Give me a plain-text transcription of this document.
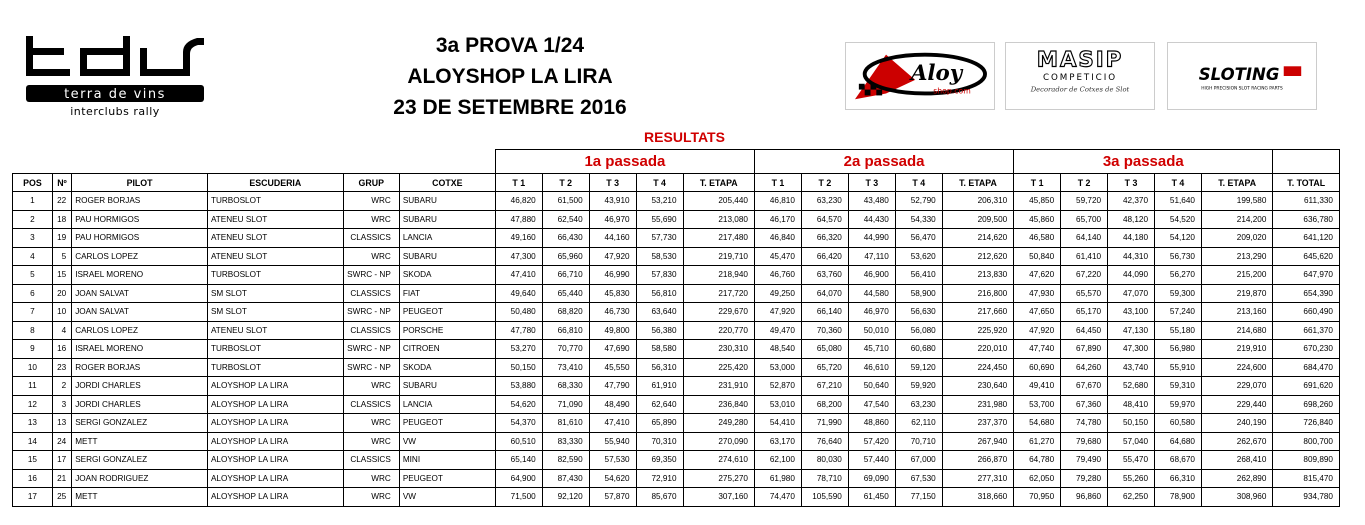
terra de vins
interclubs rally
3a PROVA 1/24
ALOYSHOP LA LIRA
23 DE SETEMBRE 2016
Aloy
shop.com
MASIP
COMPETICIO
Decorador de Cotxes de Slot
SLOTING
HIGH PRECISION SLOT RACING PARTS
RESULTATS
						1a passada					2a passada					3a passada					
POS	Nº	PILOT	ESCUDERIA	GRUP	COTXE	T 1	T 2	T 3	T 4	T. ETAPA	T 1	T 2	T 3	T 4	T. ETAPA	T 1	T 2	T 3	T 4	T. ETAPA	T. TOTAL
1	22	ROGER BORJAS	TURBOSLOT	WRC	SUBARU	46,820	61,500	43,910	53,210	205,440	46,810	63,230	43,480	52,790	206,310	45,850	59,720	42,370	51,640	199,580	611,330
2	18	PAU HORMIGOS	ATENEU SLOT	WRC	SUBARU	47,880	62,540	46,970	55,690	213,080	46,170	64,570	44,430	54,330	209,500	45,860	65,700	48,120	54,520	214,200	636,780
3	19	PAU HORMIGOS	ATENEU SLOT	CLASSICS	LANCIA	49,160	66,430	44,160	57,730	217,480	46,840	66,320	44,990	56,470	214,620	46,580	64,140	44,180	54,120	209,020	641,120
4	5	CARLOS LOPEZ	ATENEU SLOT	WRC	SUBARU	47,300	65,960	47,920	58,530	219,710	45,470	66,420	47,110	53,620	212,620	50,840	61,410	44,310	56,730	213,290	645,620
5	15	ISRAEL MORENO	TURBOSLOT	SWRC - NP	SKODA	47,410	66,710	46,990	57,830	218,940	46,760	63,760	46,900	56,410	213,830	47,620	67,220	44,090	56,270	215,200	647,970
6	20	JOAN SALVAT	SM SLOT	CLASSICS	FIAT	49,640	65,440	45,830	56,810	217,720	49,250	64,070	44,580	58,900	216,800	47,930	65,570	47,070	59,300	219,870	654,390
7	10	JOAN SALVAT	SM SLOT	SWRC - NP	PEUGEOT	50,480	68,820	46,730	63,640	229,670	47,920	66,140	46,970	56,630	217,660	47,650	65,170	43,100	57,240	213,160	660,490
8	4	CARLOS LOPEZ	ATENEU SLOT	CLASSICS	PORSCHE	47,780	66,810	49,800	56,380	220,770	49,470	70,360	50,010	56,080	225,920	47,920	64,450	47,130	55,180	214,680	661,370
9	16	ISRAEL MORENO	TURBOSLOT	SWRC - NP	CITROEN	53,270	70,770	47,690	58,580	230,310	48,540	65,080	45,710	60,680	220,010	47,740	67,890	47,300	56,980	219,910	670,230
10	23	ROGER BORJAS	TURBOSLOT	SWRC - NP	SKODA	50,150	73,410	45,550	56,310	225,420	53,000	65,720	46,610	59,120	224,450	60,690	64,260	43,740	55,910	224,600	684,470
11	2	JORDI CHARLES	ALOYSHOP LA LIRA	WRC	SUBARU	53,880	68,330	47,790	61,910	231,910	52,870	67,210	50,640	59,920	230,640	49,410	67,670	52,680	59,310	229,070	691,620
12	3	JORDI CHARLES	ALOYSHOP LA LIRA	CLASSICS	LANCIA	54,620	71,090	48,490	62,640	236,840	53,010	68,200	47,540	63,230	231,980	53,700	67,360	48,410	59,970	229,440	698,260
13	13	SERGI GONZALEZ	ALOYSHOP LA LIRA	WRC	PEUGEOT	54,370	81,610	47,410	65,890	249,280	54,410	71,990	48,860	62,110	237,370	54,680	74,780	50,150	60,580	240,190	726,840
14	24	METT	ALOYSHOP LA LIRA	WRC	VW	60,510	83,330	55,940	70,310	270,090	63,170	76,640	57,420	70,710	267,940	61,270	79,680	57,040	64,680	262,670	800,700
15	17	SERGI GONZALEZ	ALOYSHOP LA LIRA	CLASSICS	MINI	65,140	82,590	57,530	69,350	274,610	62,100	80,030	57,440	67,000	266,870	64,780	79,490	55,470	68,670	268,410	809,890
16	21	JOAN RODRIGUEZ	ALOYSHOP LA LIRA	WRC	PEUGEOT	64,900	87,430	54,620	72,910	275,270	61,980	78,710	69,090	67,530	277,310	62,050	79,280	55,260	66,310	262,890	815,470
17	25	METT	ALOYSHOP LA LIRA	WRC	VW	71,500	92,120	57,870	85,670	307,160	74,470	105,590	61,450	77,150	318,660	70,950	96,860	62,250	78,900	308,960	934,780
